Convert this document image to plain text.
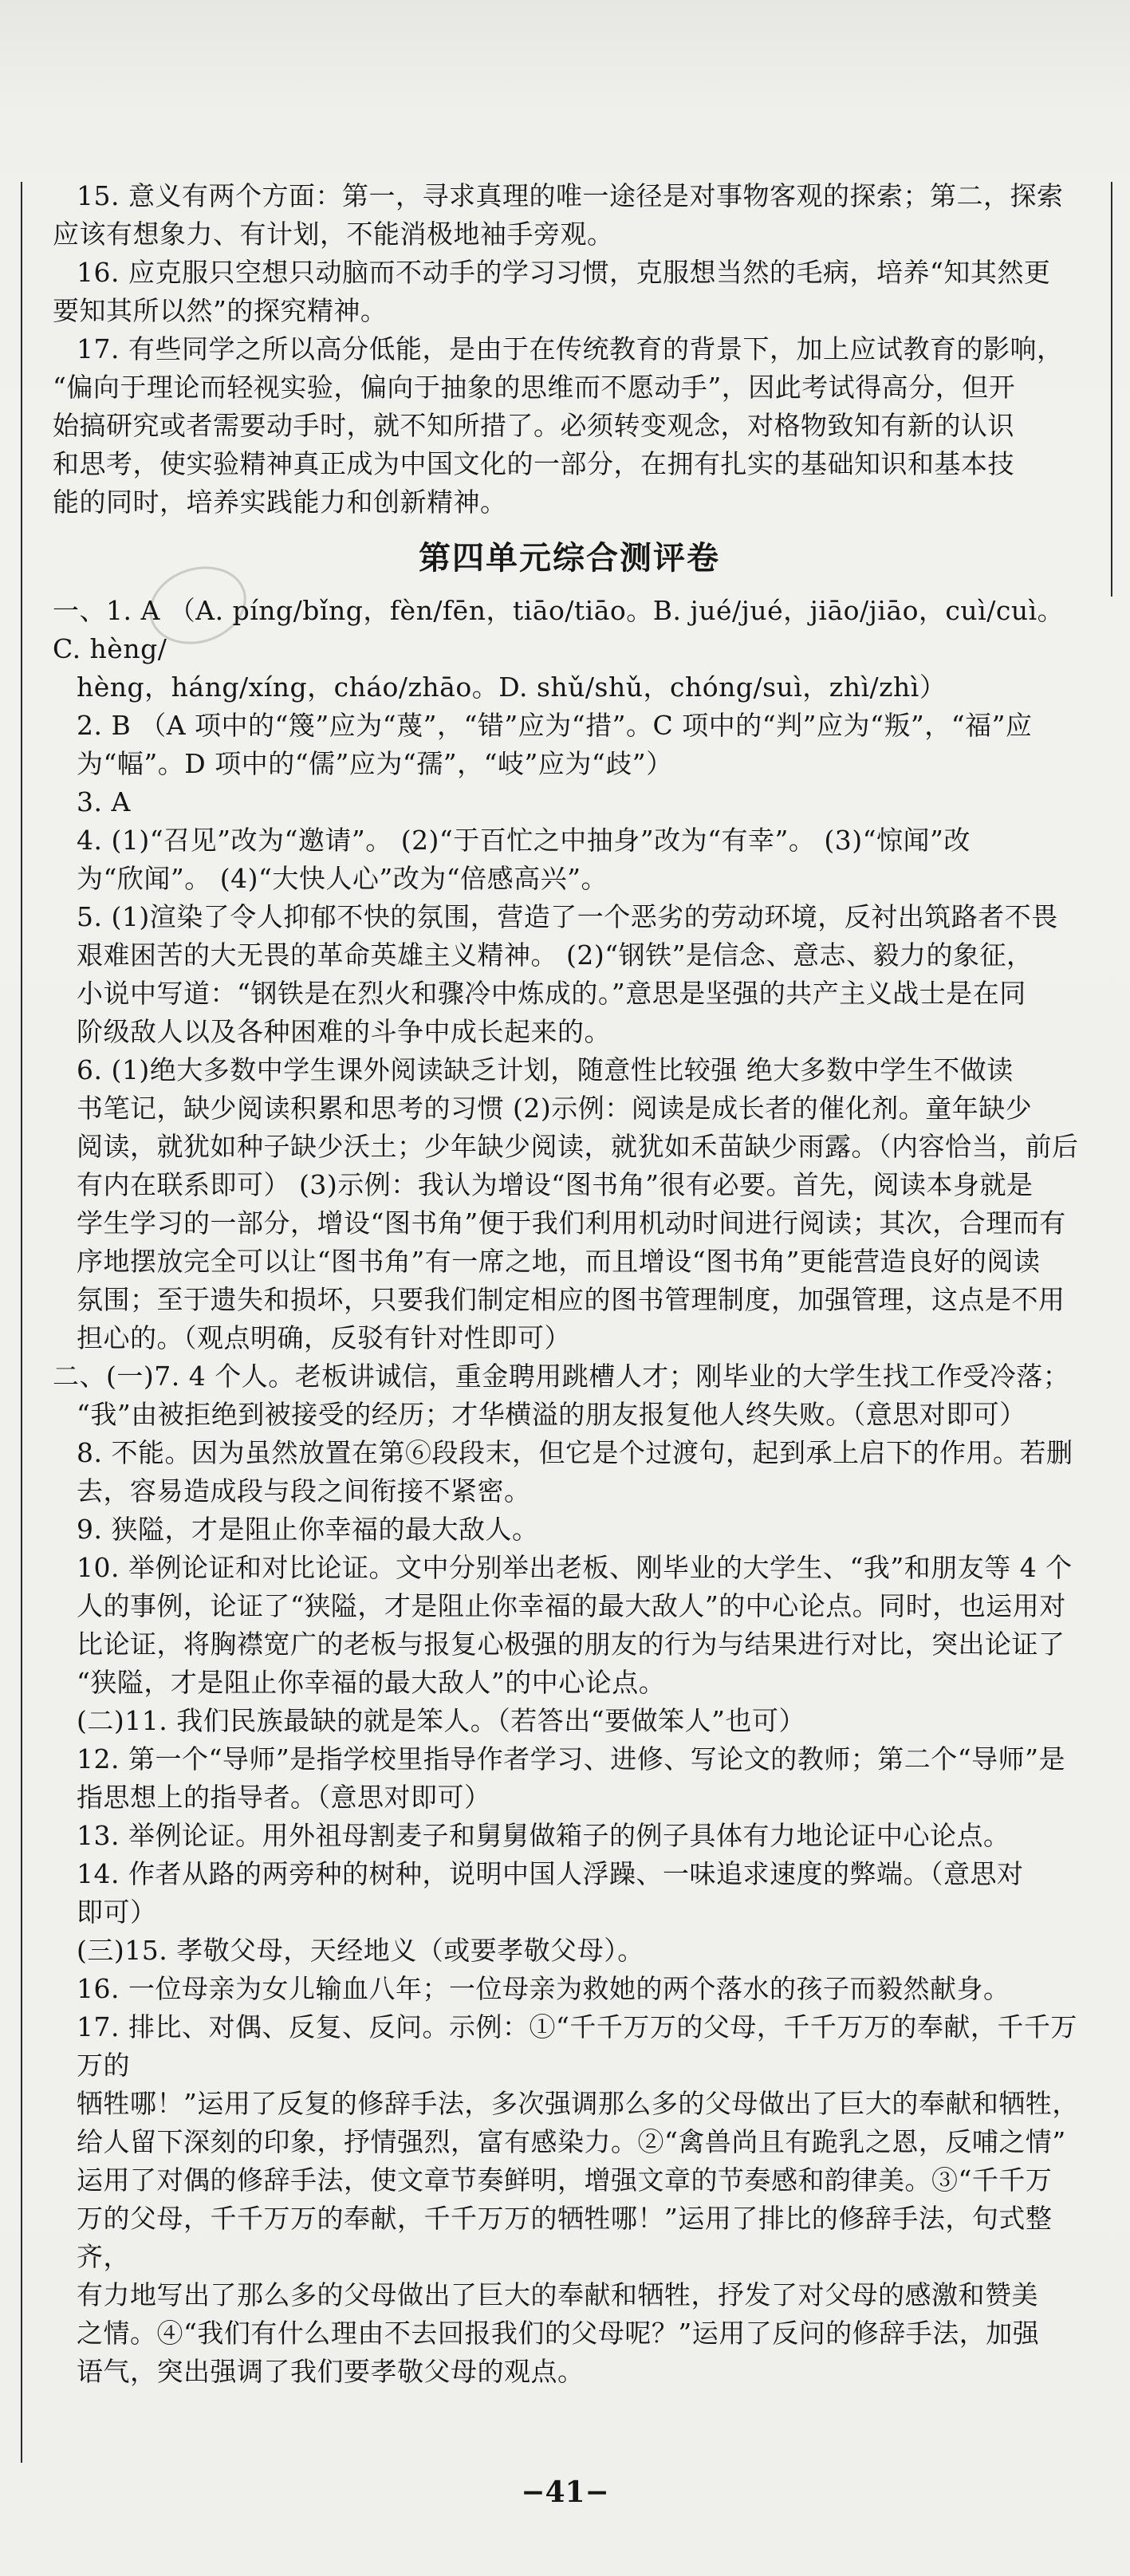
15. 意义有两个方面：第一，寻求真理的唯一途径是对事物客观的探索；第二，探索

应该有想象力、有计划，不能消极地袖手旁观。

16. 应克服只空想只动脑而不动手的学习习惯，克服想当然的毛病，培养“知其然更

要知其所以然”的探究精神。

17. 有些同学之所以高分低能，是由于在传统教育的背景下，加上应试教育的影响，

“偏向于理论而轻视实验，偏向于抽象的思维而不愿动手”，因此考试得高分，但开

始搞研究或者需要动手时，就不知所措了。必须转变观念，对格物致知有新的认识

和思考，使实验精神真正成为中国文化的一部分，在拥有扎实的基础知识和基本技

能的同时，培养实践能力和创新精神。

第四单元综合测评卷

一、1. A （A. píng/bǐng，fèn/fēn，tiāo/tiāo。B. jué/jué，jiāo/jiāo，cuì/cuì。C. hèng/

hèng，háng/xíng，cháo/zhāo。D. shǔ/shǔ，chóng/suì，zhì/zhì）

2. B （A 项中的“篾”应为“蔑”，“错”应为“措”。C 项中的“判”应为“叛”，“福”应

为“幅”。D 项中的“儒”应为“孺”，“岐”应为“歧”）

3. A

4. (1)“召见”改为“邀请”。 (2)“于百忙之中抽身”改为“有幸”。 (3)“惊闻”改

为“欣闻”。 (4)“大快人心”改为“倍感高兴”。

5. (1)渲染了令人抑郁不快的氛围，营造了一个恶劣的劳动环境，反衬出筑路者不畏

艰难困苦的大无畏的革命英雄主义精神。 (2)“钢铁”是信念、意志、毅力的象征，

小说中写道：“钢铁是在烈火和骤冷中炼成的。”意思是坚强的共产主义战士是在同

阶级敌人以及各种困难的斗争中成长起来的。

6. (1)绝大多数中学生课外阅读缺乏计划，随意性比较强 绝大多数中学生不做读

书笔记，缺少阅读积累和思考的习惯 (2)示例：阅读是成长者的催化剂。童年缺少

阅读，就犹如种子缺少沃土；少年缺少阅读，就犹如禾苗缺少雨露。（内容恰当，前后

有内在联系即可） (3)示例：我认为增设“图书角”很有必要。首先，阅读本身就是

学生学习的一部分，增设“图书角”便于我们利用机动时间进行阅读；其次，合理而有

序地摆放完全可以让“图书角”有一席之地，而且增设“图书角”更能营造良好的阅读

氛围；至于遗失和损坏，只要我们制定相应的图书管理制度，加强管理，这点是不用

担心的。（观点明确，反驳有针对性即可）

二、(一)7. 4 个人。老板讲诚信，重金聘用跳槽人才；刚毕业的大学生找工作受冷落；

“我”由被拒绝到被接受的经历；才华横溢的朋友报复他人终失败。（意思对即可）

8. 不能。因为虽然放置在第⑥段段末，但它是个过渡句，起到承上启下的作用。若删

去，容易造成段与段之间衔接不紧密。

9. 狭隘，才是阻止你幸福的最大敌人。

10. 举例论证和对比论证。文中分别举出老板、刚毕业的大学生、“我”和朋友等 4 个

人的事例，论证了“狭隘，才是阻止你幸福的最大敌人”的中心论点。同时，也运用对

比论证，将胸襟宽广的老板与报复心极强的朋友的行为与结果进行对比，突出论证了

“狭隘，才是阻止你幸福的最大敌人”的中心论点。

(二)11. 我们民族最缺的就是笨人。（若答出“要做笨人”也可）

12. 第一个“导师”是指学校里指导作者学习、进修、写论文的教师；第二个“导师”是

指思想上的指导者。（意思对即可）

13. 举例论证。用外祖母割麦子和舅舅做箱子的例子具体有力地论证中心论点。

14. 作者从路的两旁种的树种，说明中国人浮躁、一味追求速度的弊端。（意思对

即可）

(三)15. 孝敬父母，天经地义（或要孝敬父母）。

16. 一位母亲为女儿输血八年；一位母亲为救她的两个落水的孩子而毅然献身。

17. 排比、对偶、反复、反问。示例：①“千千万万的父母，千千万万的奉献，千千万万的

牺牲哪！”运用了反复的修辞手法，多次强调那么多的父母做出了巨大的奉献和牺牲，

给人留下深刻的印象，抒情强烈，富有感染力。②“禽兽尚且有跪乳之恩，反哺之情”

运用了对偶的修辞手法，使文章节奏鲜明，增强文章的节奏感和韵律美。③“千千万

万的父母，千千万万的奉献，千千万万的牺牲哪！”运用了排比的修辞手法，句式整齐，

有力地写出了那么多的父母做出了巨大的奉献和牺牲，抒发了对父母的感激和赞美

之情。④“我们有什么理由不去回报我们的父母呢？”运用了反问的修辞手法，加强

语气，突出强调了我们要孝敬父母的观点。

−41−
